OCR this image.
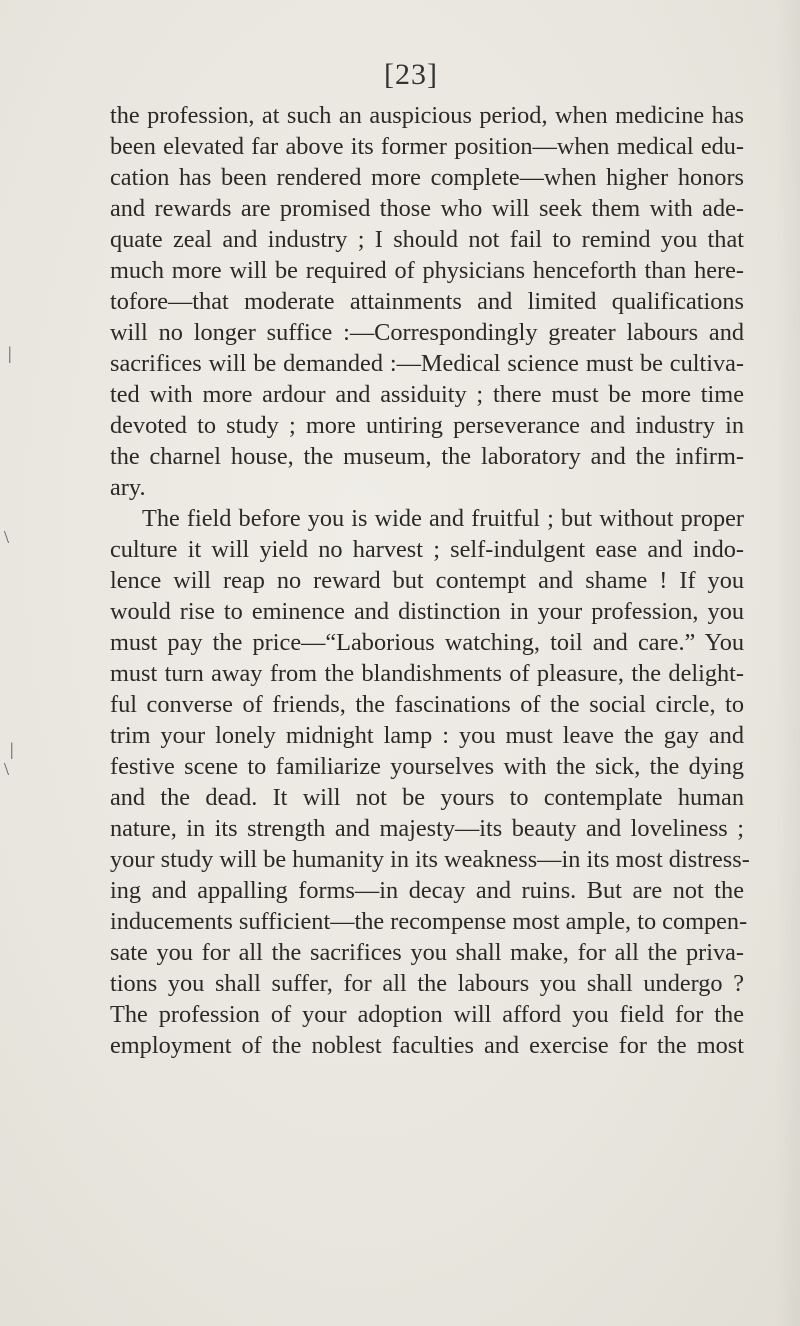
[23]
the profession, at such an auspicious period, when medicine has
been elevated far above its former position—when medical edu-
cation has been rendered more complete—when higher honors
and rewards are promised those who will seek them with ade-
quate zeal and industry ; I should not fail to remind you that
much more will be required of physicians henceforth than here-
tofore—that moderate attainments and limited qualifications
will no longer suffice :—Correspondingly greater labours and
sacrifices will be demanded :—Medical science must be cultiva-
ted with more ardour and assiduity ; there must be more time
devoted to study ; more untiring perseverance and industry in
the charnel house, the museum, the laboratory and the infirm-
ary.
The field before you is wide and fruitful ; but without proper
culture it will yield no harvest ; self-indulgent ease and indo-
lence will reap no reward but contempt and shame ! If you
would rise to eminence and distinction in your profession, you
must pay the price—“Laborious watching, toil and care.” You
must turn away from the blandishments of pleasure, the delight-
ful converse of friends, the fascinations of the social circle, to
trim your lonely midnight lamp : you must leave the gay and
festive scene to familiarize yourselves with the sick, the dying
and the dead. It will not be yours to contemplate human
nature, in its strength and majesty—its beauty and loveliness ;
your study will be humanity in its weakness—in its most distress-
ing and appalling forms—in decay and ruins. But are not the
inducements sufficient—the recompense most ample, to compen-
sate you for all the sacrifices you shall make, for all the priva-
tions you shall suffer, for all the labours you shall undergo ?
The profession of your adoption will afford you field for the
employment of the noblest faculties and exercise for the most
|
\
|
\
